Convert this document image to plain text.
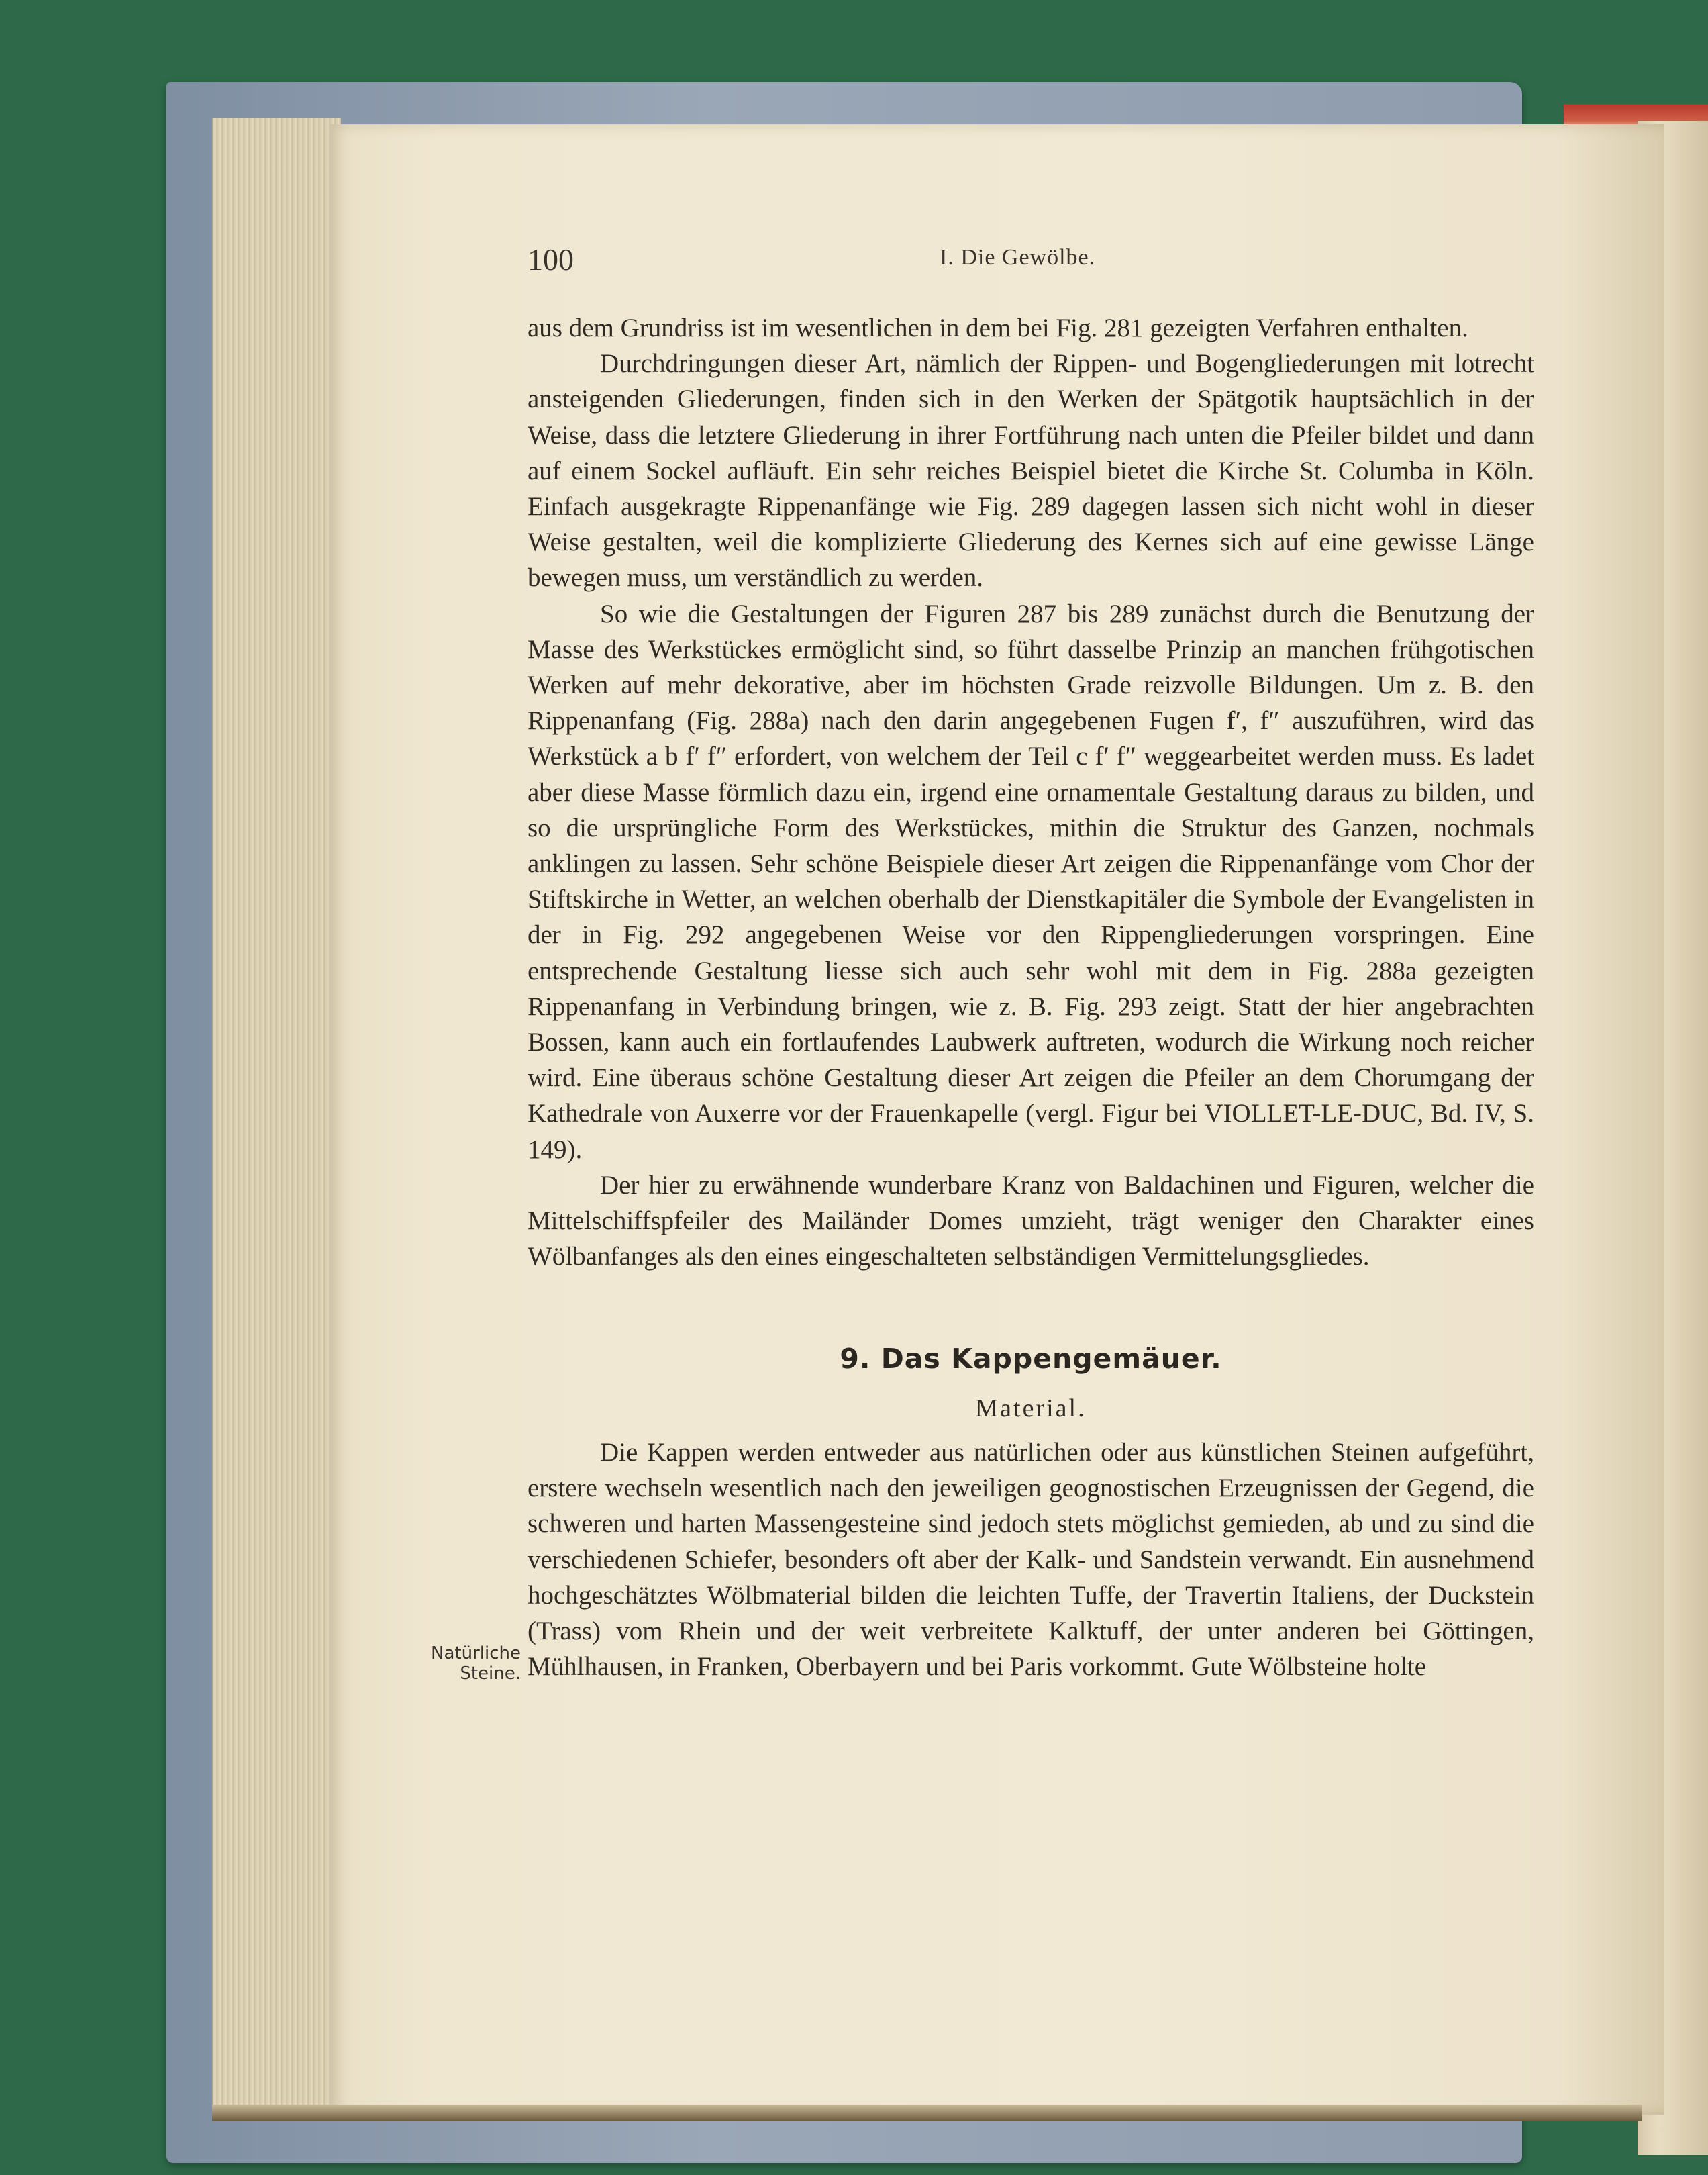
100	I. Die Gewölbe.

aus dem Grundriss ist im wesentlichen in dem bei Fig. 281 gezeigten Verfahren enthalten.

Durchdringungen dieser Art, nämlich der Rippen- und Bogengliederungen mit lotrecht ansteigenden Gliederungen, finden sich in den Werken der Spätgotik hauptsächlich in der Weise, dass die letztere Gliederung in ihrer Fortführung nach unten die Pfeiler bildet und dann auf einem Sockel aufläuft. Ein sehr reiches Beispiel bietet die Kirche St. Columba in Köln. Einfach ausgekragte Rippenanfänge wie Fig. 289 dagegen lassen sich nicht wohl in dieser Weise gestalten, weil die komplizierte Gliederung des Kernes sich auf eine gewisse Länge bewegen muss, um verständlich zu werden.

So wie die Gestaltungen der Figuren 287 bis 289 zunächst durch die Benutzung der Masse des Werkstückes ermöglicht sind, so führt dasselbe Prinzip an manchen frühgotischen Werken auf mehr dekorative, aber im höchsten Grade reizvolle Bildungen. Um z. B. den Rippenanfang (Fig. 288a) nach den darin angegebenen Fugen f′, f″ auszuführen, wird das Werkstück a b f′ f″ erfordert, von welchem der Teil c f′ f″ weggearbeitet werden muss. Es ladet aber diese Masse förmlich dazu ein, irgend eine ornamentale Gestaltung daraus zu bilden, und so die ursprüngliche Form des Werkstückes, mithin die Struktur des Ganzen, nochmals anklingen zu lassen. Sehr schöne Beispiele dieser Art zeigen die Rippenanfänge vom Chor der Stiftskirche in Wetter, an welchen oberhalb der Dienstkapitäler die Symbole der Evangelisten in der in Fig. 292 angegebenen Weise vor den Rippengliederungen vorspringen. Eine entsprechende Gestaltung liesse sich auch sehr wohl mit dem in Fig. 288a gezeigten Rippenanfang in Verbindung bringen, wie z. B. Fig. 293 zeigt. Statt der hier angebrachten Bossen, kann auch ein fortlaufendes Laubwerk auftreten, wodurch die Wirkung noch reicher wird. Eine überaus schöne Gestaltung dieser Art zeigen die Pfeiler an dem Chorumgang der Kathedrale von Auxerre vor der Frauenkapelle (vergl. Figur bei VIOLLET-LE-DUC, Bd. IV, S. 149).

Der hier zu erwähnende wunderbare Kranz von Baldachinen und Figuren, welcher die Mittelschiffspfeiler des Mailänder Domes umzieht, trägt weniger den Charakter eines Wölbanfanges als den eines eingeschalteten selbständigen Vermittelungsgliedes.

9. Das Kappengemäuer.
Material.

Die Kappen werden entweder aus natürlichen oder aus künstlichen Steinen aufgeführt, erstere wechseln wesentlich nach den jeweiligen geognostischen Erzeugnissen der Gegend, die schweren und harten Massengesteine sind jedoch stets möglichst gemieden, ab und zu sind die verschiedenen Schiefer, besonders oft aber der Kalk- und Sandstein verwandt. Ein ausnehmend hochgeschätztes Wölbmaterial bilden die leichten Tuffe, der Travertin Italiens, der Duckstein (Trass) vom Rhein und der weit verbreitete Kalktuff, der unter anderen bei Göttingen, Mühlhausen, in Franken, Oberbayern und bei Paris vorkommt. Gute Wölbsteine holte

Natürliche
Steine.
